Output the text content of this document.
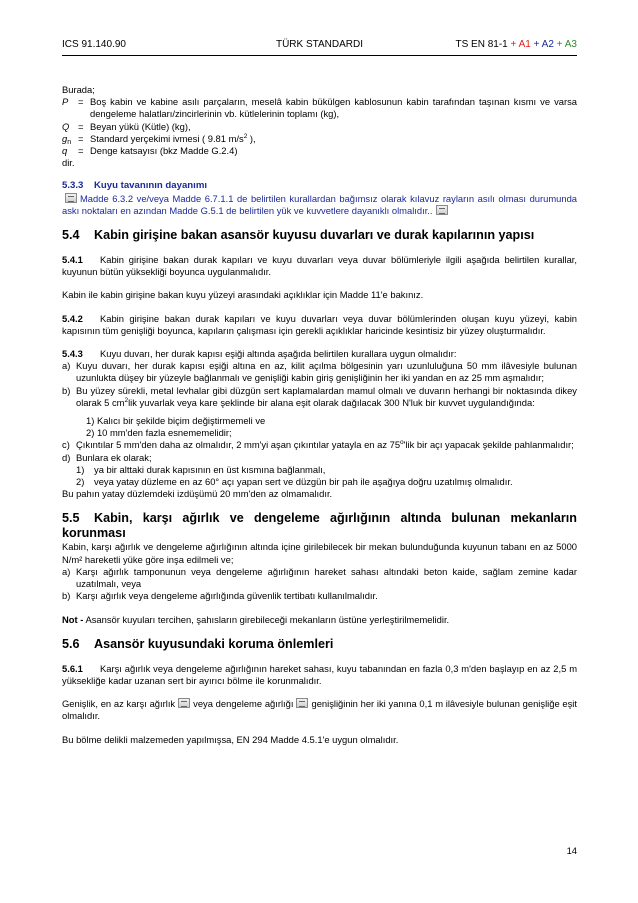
ICS 91.140.90	TÜRK STANDARDI	TS EN 81-1 + A1 + A2 + A3

Burada;

P	= Boş kabin ve kabine asılı parçaların, meselâ kabin bükülgen kablosunun kabin tarafından taşınan kısmı ve varsa dengeleme halatları/zincirlerinin vb. kütlelerinin toplamı (kg),
Q = Beyan yükü (Kütle) (kg),
$g_n$ = Standard yerçekimi ivmesi ( 9.81 $m/s^2$ ),
q	= Denge katsayısı (bkz Madde G.2.4)

dir.

5.3.3 Kuyu tavanının dayanımı

Madde 6.3.2 ve/veya Madde 6.7.1.1 de belirtilen kurallardan bağımsız olarak kılavuz rayların asılı olması durumunda askı noktaları en azından Madde G.5.1 de belirtilen yük ve kuvvetlere dayanıklı olmalıdır..

5.4 Kabin girişine bakan asansör kuyusu duvarları ve durak kapılarının yapısı

5.4.1 Kabin girişine bakan durak kapıları ve kuyu duvarları veya duvar bölümleriyle ilgili aşağıda belirtilen kurallar, kuyunun bütün yüksekliği boyunca uygulanmalıdır.

Kabin ile kabin girişine bakan kuyu yüzeyi arasındaki açıklıklar için Madde 11'e bakınız.

5.4.2 Kabin girişine bakan durak kapıları ve kuyu duvarları veya duvar bölümlerinden oluşan kuyu yüzeyi, kabin kapısının tüm genişliği boyunca, kapıların çalışması için gerekli açıklıklar haricinde kesintisiz bir yüzey oluşturmalıdır.

5.4.3 Kuyu duvarı, her durak kapısı eşiği altında aşağıda belirtilen kurallara uygun olmalıdır:

a) Kuyu duvarı, her durak kapısı eşiği altına en az, kilit açılma bölgesinin yarı uzunluluğuna 50 mm ilâvesiyle bulunan uzunlukta düşey bir yüzeyle bağlanmalı ve genişliği kabin giriş genişliğinin her iki yandan en az 25 mm aşmalıdır;
b) Bu yüzey sürekli, metal levhalar gibi düzgün sert kaplamalardan mamul olmalı ve duvarın herhangi bir noktasında dikey olarak 5 $cm^2lik$ yuvarlak veya kare şeklinde bir alana eşit olarak dağılacak 300 N'luk bir kuvvet uygulandığında:

1) Kalıcı bir şekilde biçim değiştirmemeli ve

2) 10 mm'den fazla esnememelidir;

c) Çıkıntılar 5 mm'den daha az olmalıdır, 2 mm'yi aşan çıkıntılar yatayla en az 75$^o$'lik bir açı yapacak şekilde pahlanmalıdır;
d) Bunlara ek olarak;
1)	ya bir alttaki durak kapısının en üst kısmına bağlanmalı,
2)	veya yatay düzleme en az 60° açı yapan sert ve düzgün bir pah ile aşağıya doğru uzatılmış olmalıdır.

Bu pahın yatay düzlemdeki izdüşümü 20 mm'den az olmamalıdır.

5.5	Kabin, karşı ağırlık ve dengeleme ağırlığının altında bulunan mekanların

korunması

Kabin, karşı ağırlık ve dengeleme ağırlığının altında içine girilebilecek bir mekan bulunduğunda kuyunun tabanı en az 5000 N/m² hareketli yüke göre inşa edilmeli ve;

a) Karşı ağırlık tamponunun veya dengeleme ağırlığının hareket sahası altındaki beton kaide, sağlam zemine kadar uzatılmalı, veya
b) Karşı ağırlık veya dengeleme ağırlığında güvenlik tertibatı kullanılmalıdır.

Not - Asansör kuyuları tercihen, şahısların girebileceği mekanların üstüne yerleştirilmemelidir.

5.6 Asansör kuyusundaki koruma önlemleri

5.6.1 Karşı ağırlık veya dengeleme ağırlığının hareket sahası, kuyu tabanından en fazla 0,3 m'den başlayıp en az 2,5 m yüksekliğe kadar uzanan sert bir ayırıcı bölme ile korunmalıdır.

Genişlik, en az karşı ağırlık veya dengeleme ağırlığı genişliğinin her iki yanına 0,1 m ilâvesiyle bulunan genişliğe eşit olmalıdır.

Bu bölme delikli malzemeden yapılmışsa, EN 294 Madde 4.5.1'e uygun olmalıdır.

14
